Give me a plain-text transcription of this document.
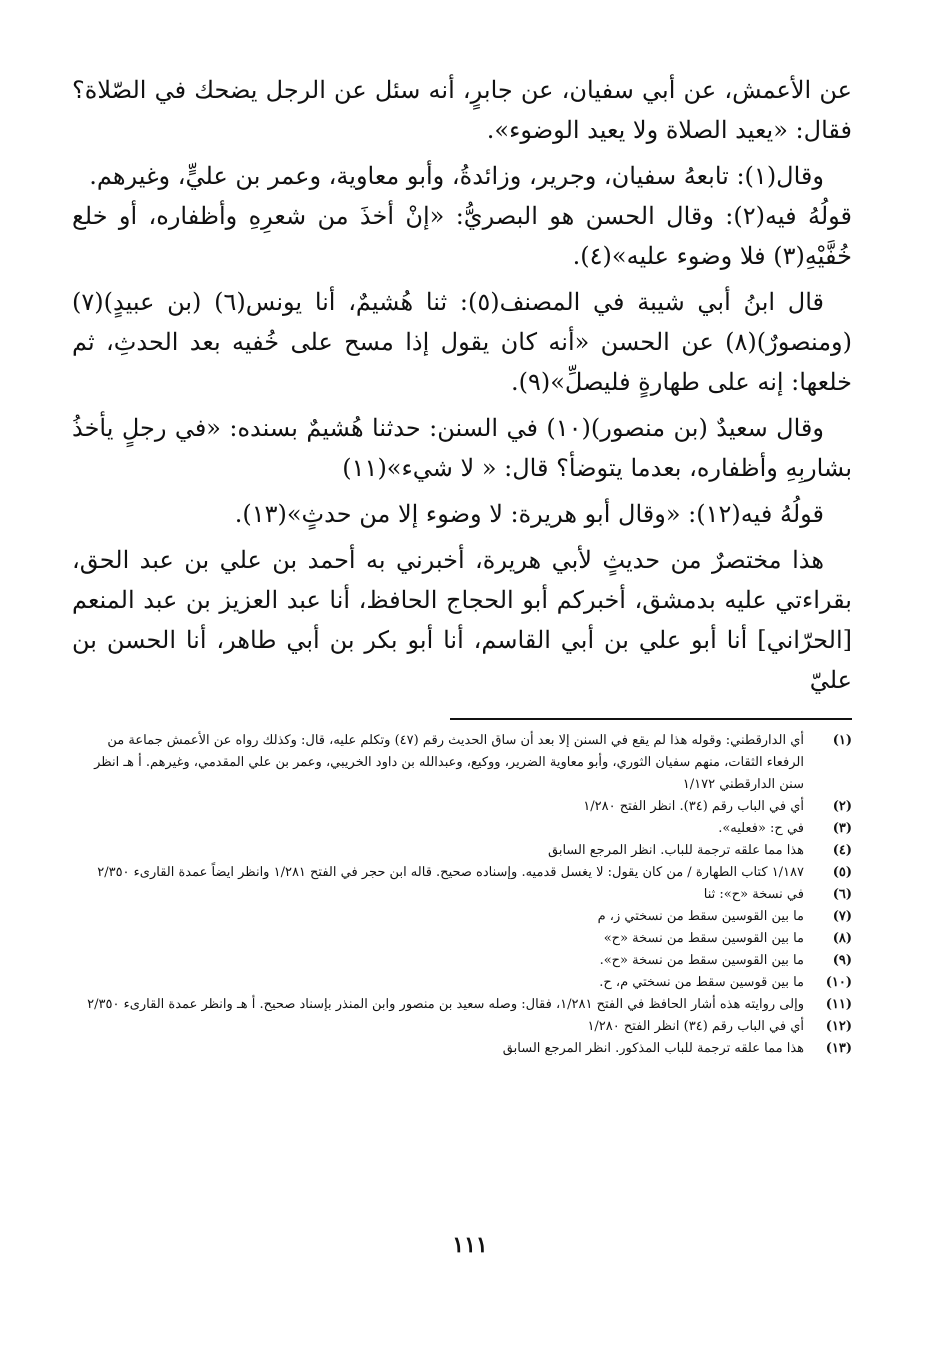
عن الأعمش، عن أبي سفيان، عن جابرٍ، أنه سئل عن الرجل يضحك في الصّلاة؟ فقال: «يعيد الصلاة ولا يعيد الوضوء».

وقال(١): تابعهُ سفيان، وجرير، وزائدةُ، وأبو معاوية، وعمر بن عليٍّ، وغيرهم.

قولُهُ فيه(٢): وقال الحسن هو البصريُّ: «إنْ أخذَ من شعرِهِ وأظفاره، أو خلع خُفَّيْهِ(٣) فلا وضوء عليه»(٤).

قال ابنُ أبي شيبة في المصنف(٥): ثنا هُشيمٌ، أنا يونس(٦) (بن عبيدٍ)(٧) (ومنصورٌ)(٨) عن الحسن «أنه كان يقول إذا مسح على خُفيه بعد الحدثِ، ثم خلعها: إنه على طهارةٍ فليصلِّ»(٩).

وقال سعيدٌ (بن منصور)(١٠) في السنن: حدثنا هُشيمٌ بسنده: «في رجلٍ يأخذُ بشاربِهِ وأظفاره، بعدما يتوضأ؟ قال: « لا شيء»(١١)

قولُهُ فيه(١٢): «وقال أبو هريرة: لا وضوء إلا من حدثٍ»(١٣).

هذا مختصرٌ من حديثٍ لأبي هريرة، أخبرني به أحمد بن علي بن عبد الحق، بقراءتي عليه بدمشق، أخبركم أبو الحجاج الحافظ، أنا عبد العزيز بن عبد المنعم [الحرّاني] أنا أبو علي بن أبي القاسم، أنا أبو بكر بن أبي طاهر، أنا الحسن بن عليّ

(١)
أي الدارقطني: وقوله هذا لم يقع في السنن إلا بعد أن ساق الحديث رقم (٤٧) وتكلم عليه، قال: وكذلك رواه عن الأعمش جماعة من الرفعاء الثقات، منهم سفيان الثوري، وأبو معاوية الضرير، ووكيع، وعبدالله بن داود الخريبي، وعمر بن علي المقدمي، وغيرهم. أ هـ انظر سنن الدارقطني ١/١٧٢
(٢)
أي في الباب رقم (٣٤). انظر الفتح ١/٢٨٠
(٣)
في ح: «فعليه».
(٤)
هذا مما علقه ترجمة للباب. انظر المرجع السابق
(٥)
١/١٨٧ كتاب الطهارة / من كان يقول: لا يغسل قدميه. وإسناده صحيح. قاله ابن حجر في الفتح ١/٢٨١ وانظر ايضاً عمدة القارىء ٢/٣٥٠
(٦)
في نسخة «ح»: ثنا
(٧)
ما بين القوسين سقط من نسختي ز، م
(٨)
ما بين القوسين سقط من نسخة «ح»
(٩)
ما بين القوسين سقط من نسخة «ح».
(١٠)
ما بين قوسين سقط من نسختي م، ح.
(١١)
وإلى روايته هذه أشار الحافظ في الفتح ١/٢٨١، فقال: وصله سعيد بن منصور وابن المنذر بإسناد صحيح. أ هـ وانظر عمدة القارىء ٢/٣٥٠
(١٢)
أي في الباب رقم (٣٤) انظر الفتح ١/٢٨٠
(١٣)
هذا مما علقه ترجمة للباب المذكور. انظر المرجع السابق
١١١
